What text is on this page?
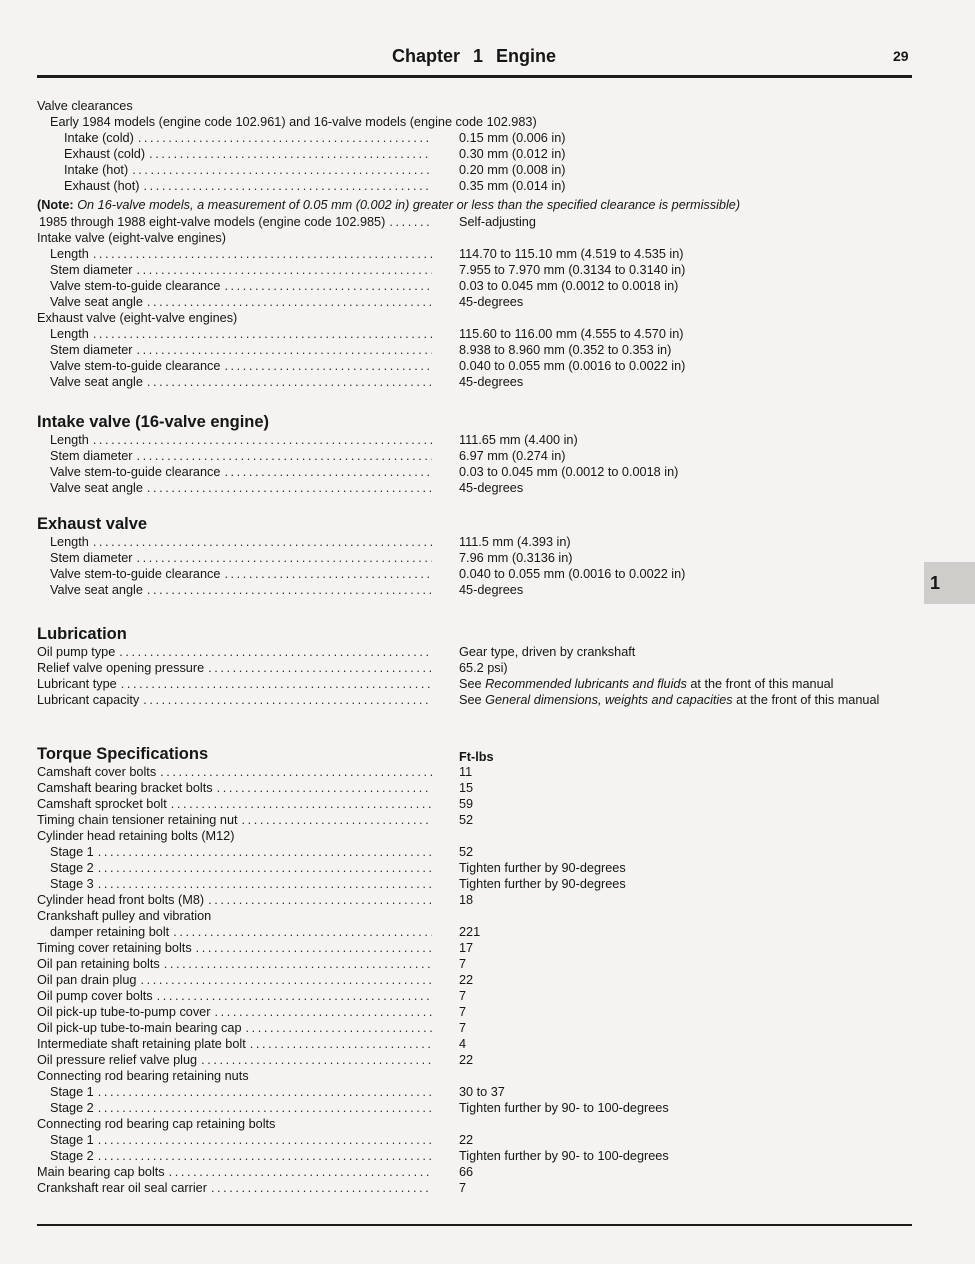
Chapter 1 Engine	29
1
Valve clearances
Early 1984 models (engine code 102.961) and 16-valve models (engine code 102.983)
Intake (cold) .....	0.15 mm (0.006 in)
Exhaust (cold) .....	0.30 mm (0.012 in)
Intake (hot) .....	0.20 mm (0.008 in)
Exhaust (hot) .....	0.35 mm (0.014 in)
(Note: On 16-valve models, a measurement of 0.05 mm (0.002 in) greater or less than the specified clearance is permissible)
1985 through 1988 eight-valve models (engine code 102.985) .....	Self-adjusting
Intake valve (eight-valve engines)
Length .....	114.70 to 115.10 mm (4.519 to 4.535 in)
Stem diameter .....	7.955 to 7.970 mm (0.3134 to 0.3140 in)
Valve stem-to-guide clearance .....	0.03 to 0.045 mm (0.0012 to 0.0018 in)
Valve seat angle .....	45-degrees
Exhaust valve (eight-valve engines)
Length .....	115.60 to 116.00 mm (4.555 to 4.570 in)
Stem diameter .....	8.938 to 8.960 mm (0.352 to 0.353 in)
Valve stem-to-guide clearance .....	0.040 to 0.055 mm (0.0016 to 0.0022 in)
Valve seat angle .....	45-degrees
Intake valve (16-valve engine)
Length .....	111.65 mm (4.400 in)
Stem diameter .....	6.97 mm (0.274 in)
Valve stem-to-guide clearance .....	0.03 to 0.045 mm (0.0012 to 0.0018 in)
Valve seat angle .....	45-degrees
Exhaust valve
Length .....	111.5 mm (4.393 in)
Stem diameter .....	7.96 mm (0.3136 in)
Valve stem-to-guide clearance .....	0.040 to 0.055 mm (0.0016 to 0.0022 in)
Valve seat angle .....	45-degrees
Lubrication
Oil pump type .....	Gear type, driven by crankshaft
Relief valve opening pressure .....	65.2 psi)
Lubricant type .....	See Recommended lubricants and fluids at the front of this manual
Lubricant capacity .....	See General dimensions, weights and capacities at the front of this manual
Torque Specifications	Ft-lbs
Camshaft cover bolts .....	11
Camshaft bearing bracket bolts .....	15
Camshaft sprocket bolt .....	59
Timing chain tensioner retaining nut .....	52
Cylinder head retaining bolts (M12)
Stage 1 .....	52
Stage 2 .....	Tighten further by 90-degrees
Stage 3 .....	Tighten further by 90-degrees
Cylinder head front bolts (M8) .....	18
Crankshaft pulley and vibration
damper retaining bolt .....	221
Timing cover retaining bolts .....	17
Oil pan retaining bolts .....	7
Oil pan drain plug .....	22
Oil pump cover bolts .....	7
Oil pick-up tube-to-pump cover .....	7
Oil pick-up tube-to-main bearing cap .....	7
Intermediate shaft retaining plate bolt .....	4
Oil pressure relief valve plug .....	22
Connecting rod bearing retaining nuts
Stage 1 .....	30 to 37
Stage 2 .....	Tighten further by 90- to 100-degrees
Connecting rod bearing cap retaining bolts
Stage 1 .....	22
Stage 2 .....	Tighten further by 90- to 100-degrees
Main bearing cap bolts .....	66
Crankshaft rear oil seal carrier .....	7
